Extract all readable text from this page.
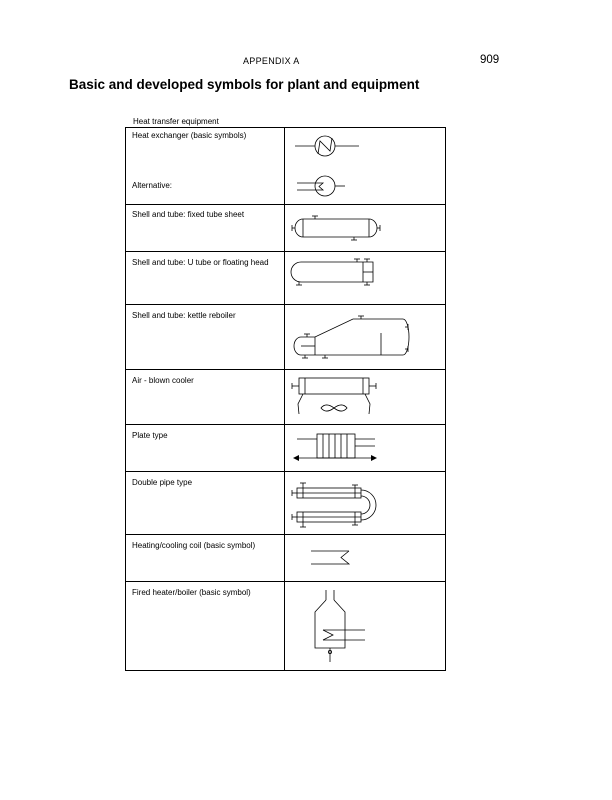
APPENDIX A	909
Basic and developed symbols for plant and equipment
Heat transfer equipment
Heat exchanger (basic symbols)
Alternative:

Shell and tube: fixed tube sheet

Shell and tube: U tube or floating head

Shell and tube: kettle reboiler

Air - blown cooler

Plate type

Double pipe type

Heating/cooling coil (basic symbol)

Fired heater/boiler (basic symbol)
